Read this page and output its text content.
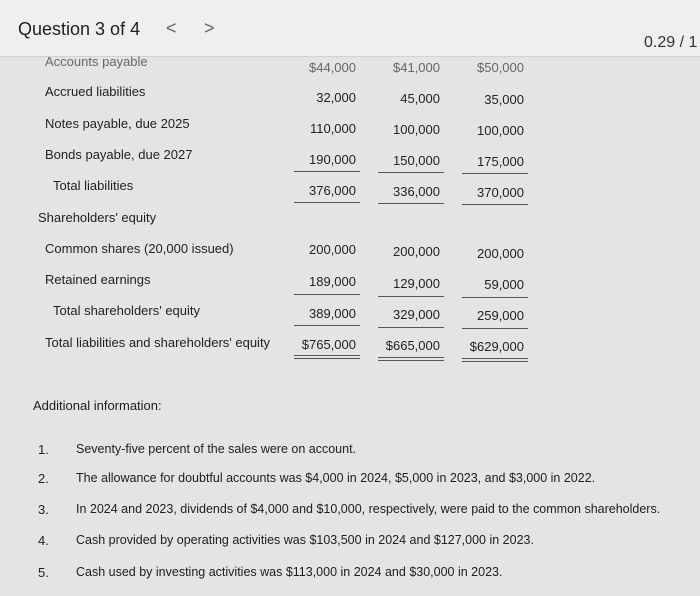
Question 3 of 4 < >
0.29 / 1
Accounts payable	$44,000	$41,000	$50,000
Accrued liabilities	32,000	45,000	35,000
Notes payable, due 2025	110,000	100,000	100,000
Bonds payable, due 2027	190,000	150,000	175,000
Total liabilities	376,000	336,000	370,000
Shareholders' equity
Common shares (20,000 issued)	200,000	200,000	200,000
Retained earnings	189,000	129,000	59,000
Total shareholders' equity	389,000	329,000	259,000
Total liabilities and shareholders' equity	$765,000	$665,000	$629,000
Additional information:
1. Seventy-five percent of the sales were on account.
2. The allowance for doubtful accounts was $4,000 in 2024, $5,000 in 2023, and $3,000 in 2022.
3. In 2024 and 2023, dividends of $4,000 and $10,000, respectively, were paid to the common shareholders.
4. Cash provided by operating activities was $103,500 in 2024 and $127,000 in 2023.
5. Cash used by investing activities was $113,000 in 2024 and $30,000 in 2023.
